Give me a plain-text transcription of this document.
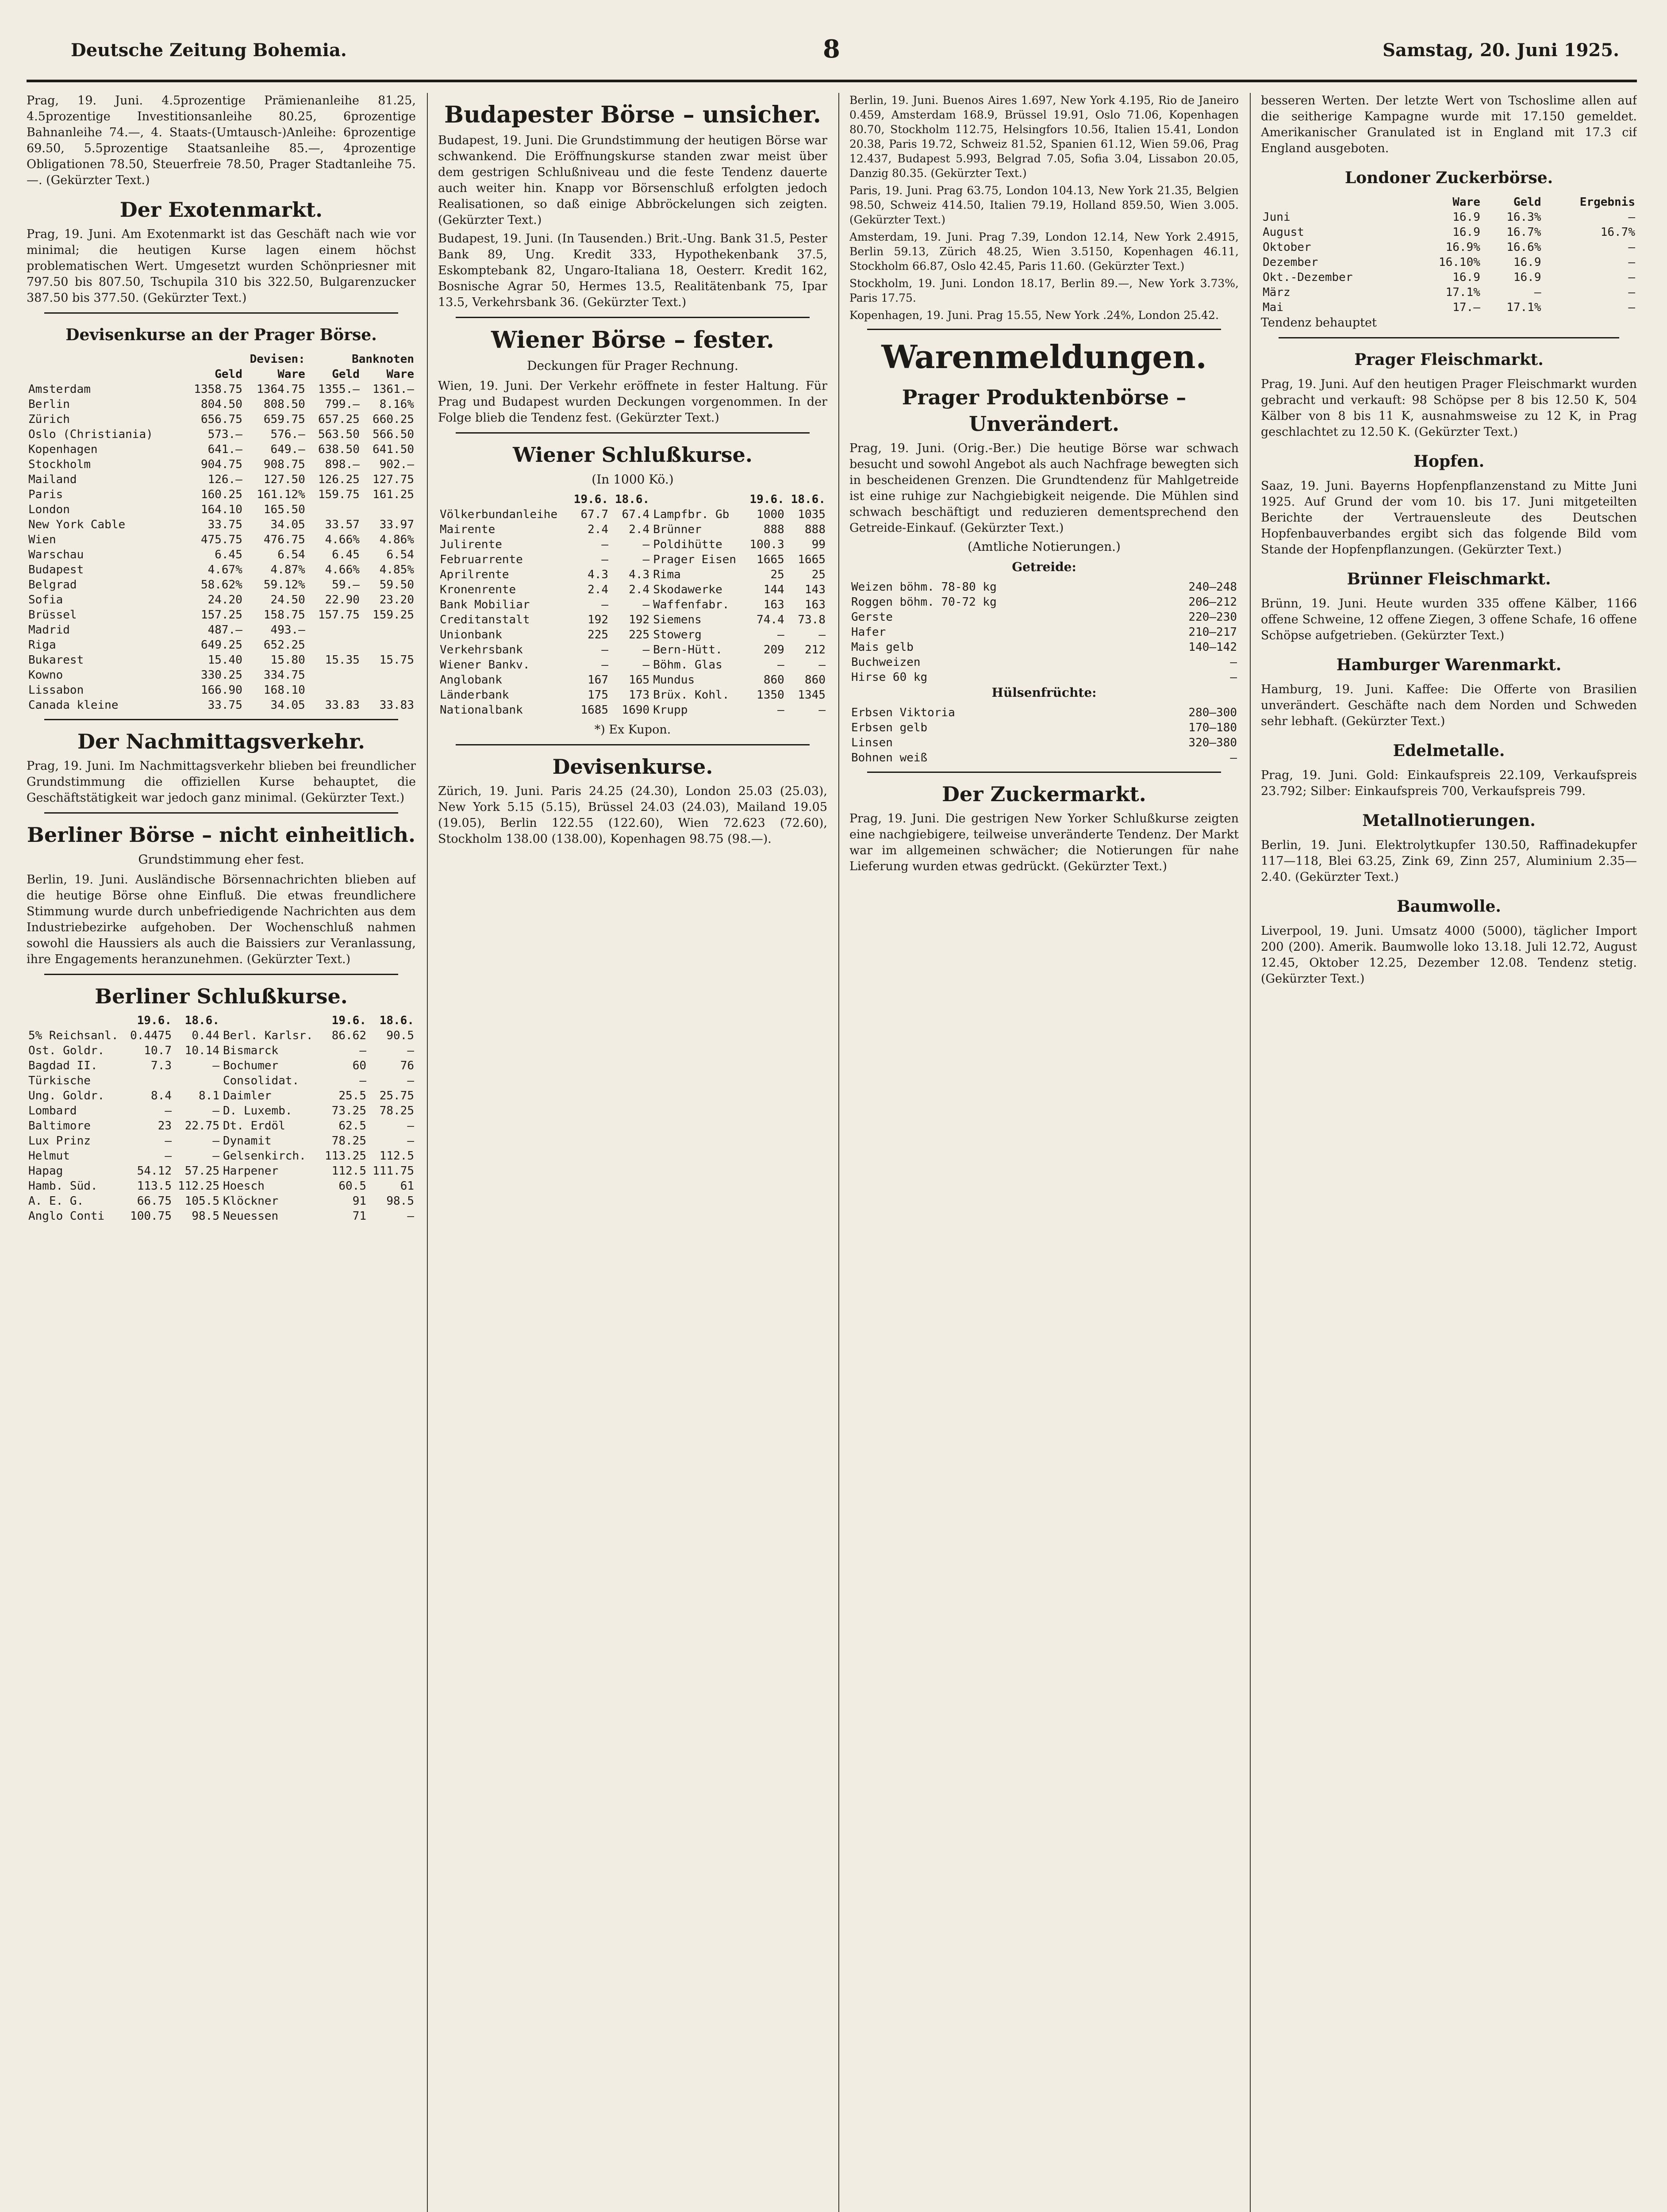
Deutsche Zeitung Bohemia.	8	Samstag, 20. Juni 1925.

Prag, 19. Juni. 4.5prozentige Prämienanleihe 81.25, 4.5prozentige Investitionsanleihe 80.25, 6prozentige Bahnanleihe 74.—, 4. Staats-(Umtausch-)Anleihe: 6prozentige 69.50, 5.5prozentige Staatsanleihe 85.—, 4prozentige Obligationen 78.50, Steuerfreie 78.50, Prager Stadtanleihe 75.—. (Gekürzter Text.)

Der Exotenmarkt.

Prag, 19. Juni. Am Exotenmarkt ist das Geschäft nach wie vor minimal; die heutigen Kurse lagen einem höchst problematischen Wert. Umgesetzt wurden Schönpriesner mit 797.50 bis 807.50, Tschupila 310 bis 322.50, Bulgarenzucker 387.50 bis 377.50. (Gekürzter Text.)

Devisenkurse an der Prager Börse.
	Devisen:		Banknoten	
	Geld	Ware	Geld	Ware
Amsterdam	1358.75	1364.75	1355.—	1361.—
Berlin	804.50	808.50	799.—	8.16%
Zürich	656.75	659.75	657.25	660.25
Oslo (Christiania)	573.—	576.—	563.50	566.50
Kopenhagen	641.—	649.—	638.50	641.50
Stockholm	904.75	908.75	898.—	902.—
Mailand	126.—	127.50	126.25	127.75
Paris	160.25	161.12%	159.75	161.25
London	164.10	165.50		
New York Cable	33.75	34.05	33.57	33.97
Wien	475.75	476.75	4.66%	4.86%
Warschau	6.45	6.54	6.45	6.54
Budapest	4.67%	4.87%	4.66%	4.85%
Belgrad	58.62%	59.12%	59.—	59.50
Sofia	24.20	24.50	22.90	23.20
Brüssel	157.25	158.75	157.75	159.25
Madrid	487.—	493.—		
Riga	649.25	652.25		
Bukarest	15.40	15.80	15.35	15.75
Kowno	330.25	334.75		
Lissabon	166.90	168.10		
Canada kleine	33.75	34.05	33.83	33.83
Der Nachmittagsverkehr.

Prag, 19. Juni. Im Nachmittagsverkehr blieben bei freundlicher Grundstimmung die offiziellen Kurse behauptet, die Geschäftstätigkeit war jedoch ganz minimal. (Gekürzter Text.)

Berliner Börse – nicht einheitlich.
Grundstimmung eher fest.

Berlin, 19. Juni. Ausländische Börsennachrichten blieben auf die heutige Börse ohne Einfluß. Die etwas freundlichere Stimmung wurde durch unbefriedigende Nachrichten aus dem Industriebezirke aufgehoben. Der Wochenschluß nahmen sowohl die Haussiers als auch die Baissiers zur Veranlassung, ihre Engagements heranzunehmen. (Gekürzter Text.)

Berliner Schlußkurse.
	19.6.	18.6.		19.6.	18.6.
5% Reichsanl.	0.4475	0.44	Berl. Karlsr.	86.62	90.5
Ost. Goldr.	10.7	10.14	Bismarck	—	—
Bagdad II.	7.3	—	Bochumer	60	76
Türkische			Consolidat.	—	—
Ung. Goldr.	8.4	8.1	Daimler	25.5	25.75
Lombard	—	—	D. Luxemb.	73.25	78.25
Baltimore	23	22.75	Dt. Erdöl	62.5	—
Lux Prinz	—	—	Dynamit	78.25	—
Helmut	—	—	Gelsenkirch.	113.25	112.5
Hapag	54.12	57.25	Harpener	112.5	111.75
Hamb. Süd.	113.5	112.25	Hoesch	60.5	61
A. E. G.	66.75	105.5	Klöckner	91	98.5
Anglo Conti	100.75	98.5	Neuessen	71	—
Budapester Börse – unsicher.

Budapest, 19. Juni. Die Grundstimmung der heutigen Börse war schwankend. Die Eröffnungskurse standen zwar meist über dem gestrigen Schlußniveau und die feste Tendenz dauerte auch weiter hin. Knapp vor Börsenschluß erfolgten jedoch Realisationen, so daß einige Abbröckelungen sich zeigten. (Gekürzter Text.)

Budapest, 19. Juni. (In Tausenden.) Brit.-Ung. Bank 31.5, Pester Bank 89, Ung. Kredit 333, Hypothekenbank 37.5, Eskomptebank 82, Ungaro-Italiana 18, Oesterr. Kredit 162, Bosnische Agrar 50, Hermes 13.5, Realitätenbank 75, Ipar 13.5, Verkehrsbank 36. (Gekürzter Text.)

Wiener Börse – fester.
Deckungen für Prager Rechnung.

Wien, 19. Juni. Der Verkehr eröffnete in fester Haltung. Für Prag und Budapest wurden Deckungen vorgenommen. In der Folge blieb die Tendenz fest. (Gekürzter Text.)

Wiener Schlußkurse.
(In 1000 Kö.)
	19.6.	18.6.		19.6.	18.6.
Völkerbundanleihe	67.7	67.4	Lampfbr. Gb	1000	1035
Mairente	2.4	2.4	Brünner	888	888
Julirente	—	—	Poldihütte	100.3	99
Februarrente	—	—	Prager Eisen	1665	1665
Aprilrente	4.3	4.3	Rima	25	25
Kronenrente	2.4	2.4	Skodawerke	144	143
Bank Mobiliar	—	—	Waffenfabr.	163	163
Creditanstalt	192	192	Siemens	74.4	73.8
Unionbank	225	225	Stowerg	—	—
Verkehrsbank	—	—	Bern-Hütt.	209	212
Wiener Bankv.	—	—	Böhm. Glas	—	—
Anglobank	167	165	Mundus	860	860
Länderbank	175	173	Brüx. Kohl.	1350	1345
Nationalbank	1685	1690	Krupp	—	—

*) Ex Kupon.

Devisenkurse.

Zürich, 19. Juni. Paris 24.25 (24.30), London 25.03 (25.03), New York 5.15 (5.15), Brüssel 24.03 (24.03), Mailand 19.05 (19.05), Berlin 122.55 (122.60), Wien 72.623 (72.60), Stockholm 138.00 (138.00), Kopenhagen 98.75 (98.—).

Berlin, 19. Juni. Buenos Aires 1.697, New York 4.195, Rio de Janeiro 0.459, Amsterdam 168.9, Brüssel 19.91, Oslo 71.06, Kopenhagen 80.70, Stockholm 112.75, Helsingfors 10.56, Italien 15.41, London 20.38, Paris 19.72, Schweiz 81.52, Spanien 61.12, Wien 59.06, Prag 12.437, Budapest 5.993, Belgrad 7.05, Sofia 3.04, Lissabon 20.05, Danzig 80.35. (Gekürzter Text.)

Paris, 19. Juni. Prag 63.75, London 104.13, New York 21.35, Belgien 98.50, Schweiz 414.50, Italien 79.19, Holland 859.50, Wien 3.005. (Gekürzter Text.)

Amsterdam, 19. Juni. Prag 7.39, London 12.14, New York 2.4915, Berlin 59.13, Zürich 48.25, Wien 3.5150, Kopenhagen 46.11, Stockholm 66.87, Oslo 42.45, Paris 11.60. (Gekürzter Text.)

Stockholm, 19. Juni. London 18.17, Berlin 89.—, New York 3.73%, Paris 17.75.

Kopenhagen, 19. Juni. Prag 15.55, New York .24%, London 25.42.

Warenmeldungen.
Prager Produktenbörse – Unverändert.

Prag, 19. Juni. (Orig.-Ber.) Die heutige Börse war schwach besucht und sowohl Angebot als auch Nachfrage bewegten sich in bescheidenen Grenzen. Die Grundtendenz für Mahlgetreide ist eine ruhige zur Nachgiebigkeit neigende. Die Mühlen sind schwach beschäftigt und reduzieren dementsprechend den Getreide-Einkauf. (Gekürzter Text.)

(Amtliche Notierungen.)
Getreide:
Weizen böhm. 78-80 kg	240—248
Roggen böhm. 70-72 kg	206—212
Gerste	220—230
Hafer	210—217
Mais gelb	140—142
Buchweizen	—
Hirse 60 kg	—
Hülsenfrüchte:
Erbsen Viktoria	280—300
Erbsen gelb	170—180
Linsen	320—380
Bohnen weiß	—
Der Zuckermarkt.

Prag, 19. Juni. Die gestrigen New Yorker Schlußkurse zeigten eine nachgiebigere, teilweise unveränderte Tendenz. Der Markt war im allgemeinen schwächer; die Notierungen für nahe Lieferung wurden etwas gedrückt. (Gekürzter Text.)

besseren Werten. Der letzte Wert von Tschoslime allen auf die seitherige Kampagne wurde mit 17.150 gemeldet. Amerikanischer Granulated ist in England mit 17.3 cif England ausgeboten.

Londoner Zuckerbörse.
	Ware	Geld	Ergebnis
Juni	16.9	16.3%	—
August	16.9	16.7%	16.7%
Oktober	16.9%	16.6%	—
Dezember	16.10%	16.9	—
Okt.-Dezember	16.9	16.9	—
März	17.1%	—	—
Mai	17.—	17.1%	—

Tendenz behauptet

Prager Fleischmarkt.

Prag, 19. Juni. Auf den heutigen Prager Fleischmarkt wurden gebracht und verkauft: 98 Schöpse per 8 bis 12.50 K, 504 Kälber von 8 bis 11 K, ausnahmsweise zu 12 K, in Prag geschlachtet zu 12.50 K. (Gekürzter Text.)

Hopfen.

Saaz, 19. Juni. Bayerns Hopfenpflanzenstand zu Mitte Juni 1925. Auf Grund der vom 10. bis 17. Juni mitgeteilten Berichte der Vertrauensleute des Deutschen Hopfenbauverbandes ergibt sich das folgende Bild vom Stande der Hopfenpflanzungen. (Gekürzter Text.)

Brünner Fleischmarkt.

Brünn, 19. Juni. Heute wurden 335 offene Kälber, 1166 offene Schweine, 12 offene Ziegen, 3 offene Schafe, 16 offene Schöpse aufgetrieben. (Gekürzter Text.)

Hamburger Warenmarkt.

Hamburg, 19. Juni. Kaffee: Die Offerte von Brasilien unverändert. Geschäfte nach dem Norden und Schweden sehr lebhaft. (Gekürzter Text.)

Edelmetalle.

Prag, 19. Juni. Gold: Einkaufspreis 22.109, Verkaufspreis 23.792; Silber: Einkaufspreis 700, Verkaufspreis 799.

Metallnotierungen.

Berlin, 19. Juni. Elektrolytkupfer 130.50, Raffinadekupfer 117—118, Blei 63.25, Zink 69, Zinn 257, Aluminium 2.35—2.40. (Gekürzter Text.)

Baumwolle.

Liverpool, 19. Juni. Umsatz 4000 (5000), täglicher Import 200 (200). Amerik. Baumwolle loko 13.18. Juli 12.72, August 12.45, Oktober 12.25, Dezember 12.08. Tendenz stetig. (Gekürzter Text.)
